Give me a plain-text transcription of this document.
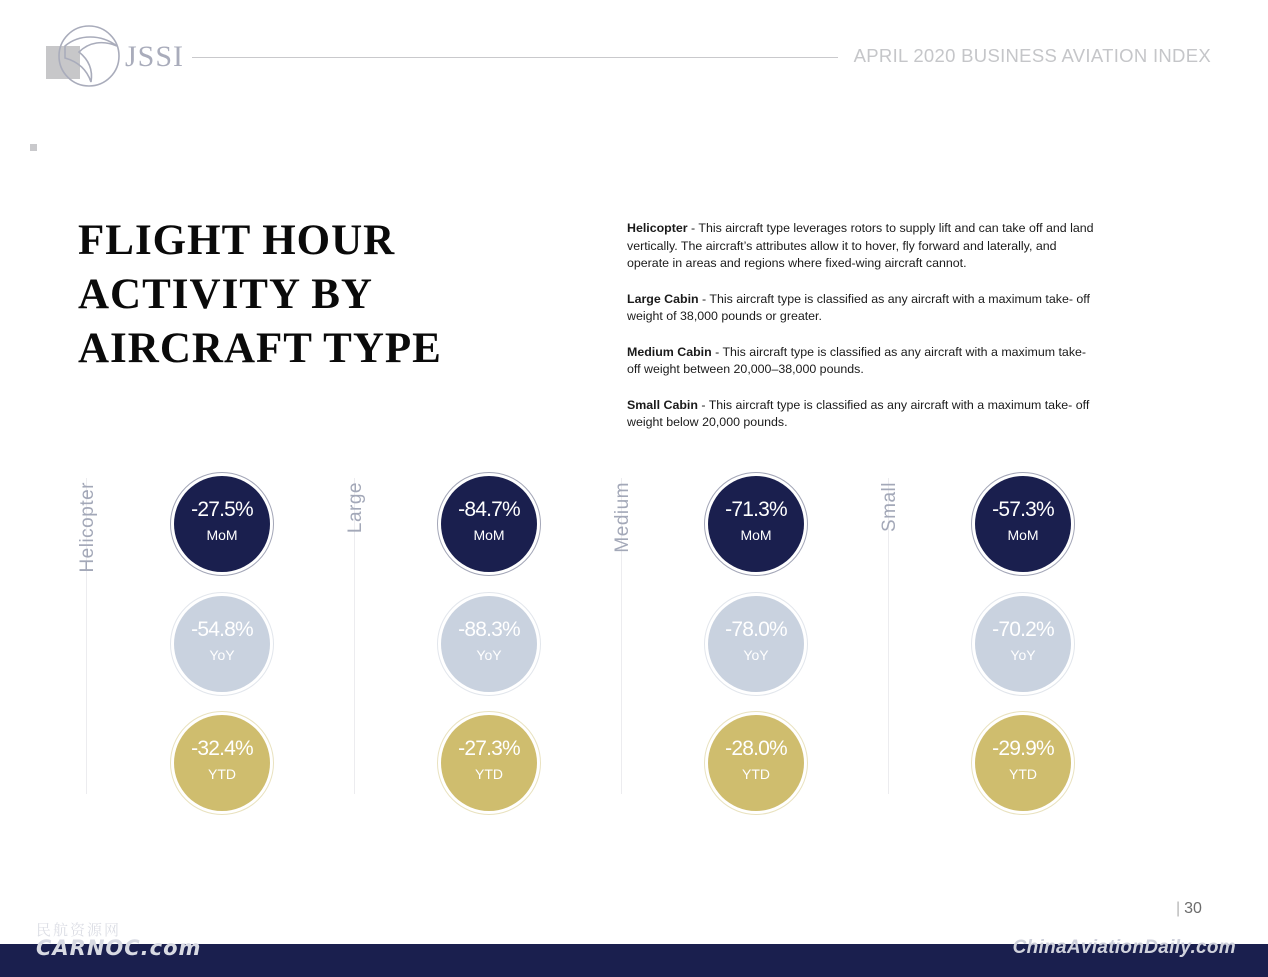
JSSI	APRIL 2020 BUSINESS AVIATION INDEX
FLIGHT HOUR
ACTIVITY BY
AIRCRAFT TYPE

Helicopter - This aircraft type leverages rotors to supply lift and can take off and land vertically. The aircraft’s attributes allow it to hover, fly forward and laterally, and operate in areas and regions where fixed-wing aircraft cannot.

Large Cabin - This aircraft type is classified as any aircraft with a maximum take- off weight of 38,000 pounds or greater.

Medium Cabin - This aircraft type is classified as any aircraft with a maximum take-off weight between 20,000–38,000 pounds.

Small Cabin - This aircraft type is classified as any aircraft with a maximum take- off weight below 20,000 pounds.

Helicopter	-27.5%
MoM
-54.8%
YoY
-32.4%
YTD
Large	-84.7%
MoM
-88.3%
YoY
-27.3%
YTD
Medium	-71.3%
MoM
-78.0%
YoY
-28.0%
YTD
Small	-57.3%
MoM
-70.2%
YoY
-29.9%
YTD
| 30
民航资源网
CARNOC.com	ChinaAviationDaily.com
